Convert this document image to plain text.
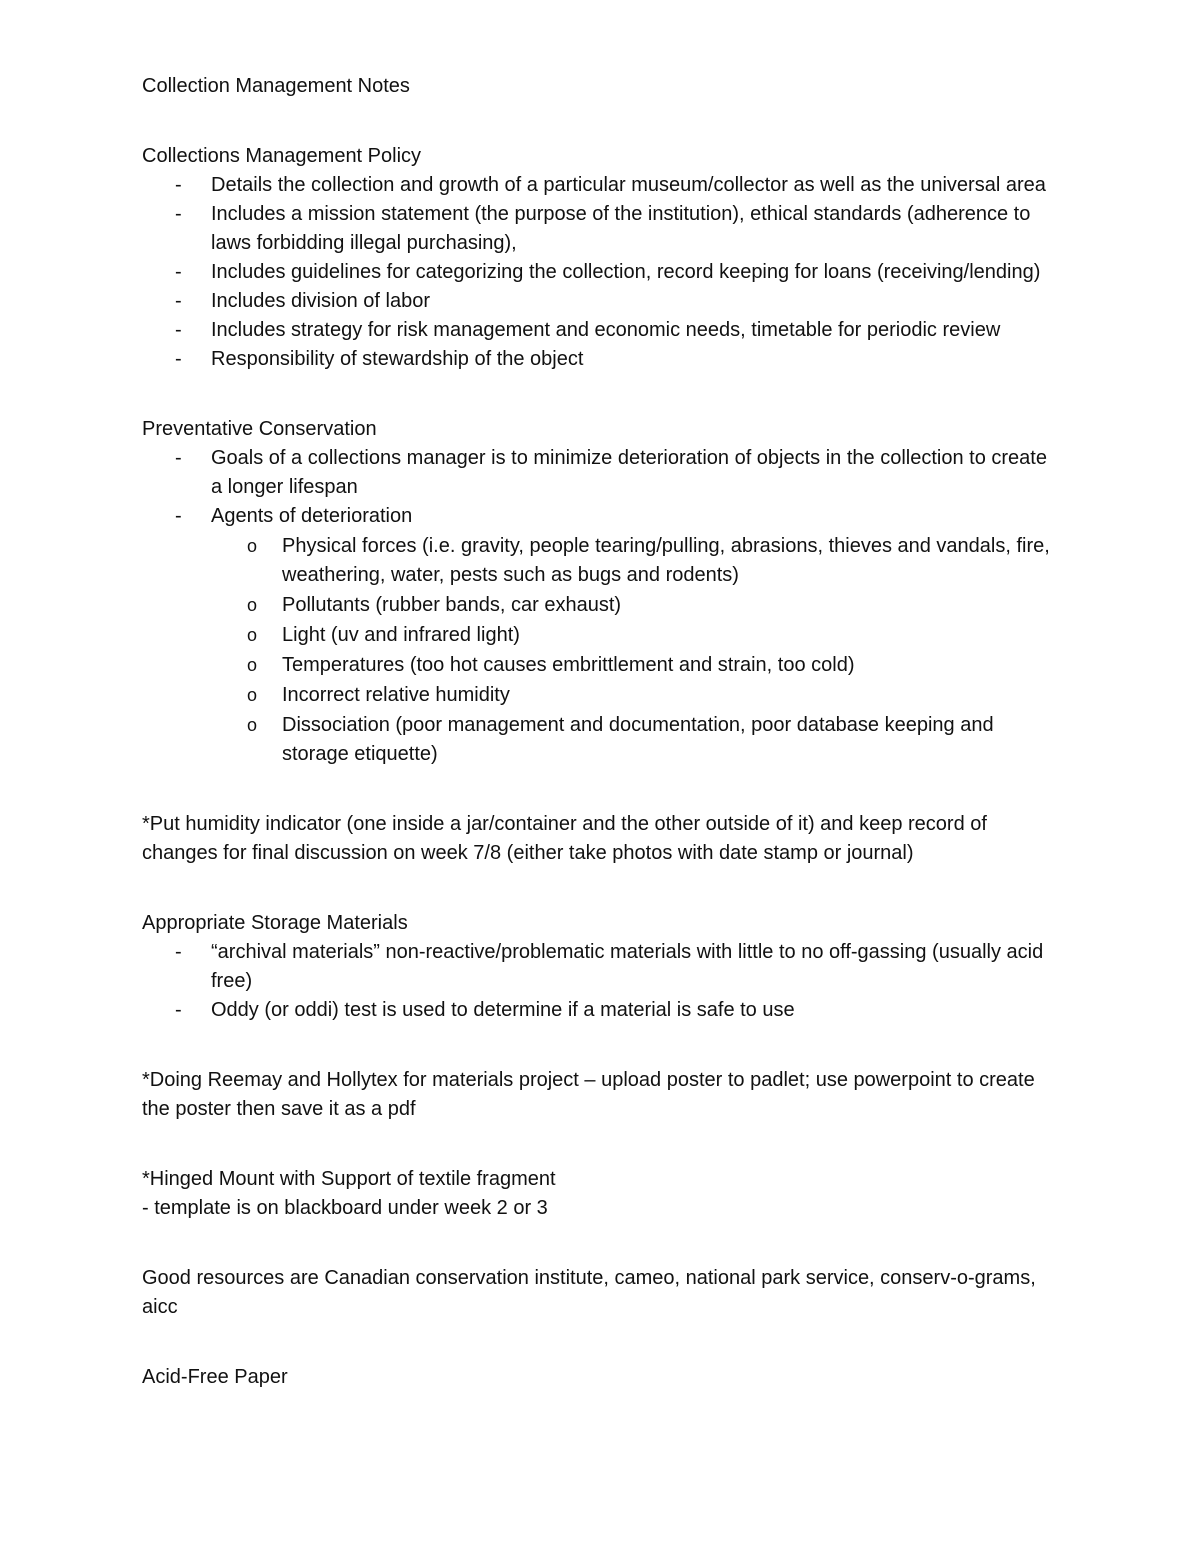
Collection Management Notes

Collections Management Policy

- Details the collection and growth of a particular museum/collector as well as the universal area
- Includes a mission statement (the purpose of the institution), ethical standards (adherence to laws forbidding illegal purchasing),
- Includes guidelines for categorizing the collection, record keeping for loans (receiving/lending)
- Includes division of labor
- Includes strategy for risk management and economic needs, timetable for periodic review
- Responsibility of stewardship of the object

Preventative Conservation

- Goals of a collections manager is to minimize deterioration of objects in the collection to create a longer lifespan
- Agents of deterioration
o Physical forces (i.e. gravity, people tearing/pulling, abrasions, thieves and vandals, fire, weathering, water, pests such as bugs and rodents)
o Pollutants (rubber bands, car exhaust)
o Light (uv and infrared light)
o Temperatures (too hot causes embrittlement and strain, too cold)
o Incorrect relative humidity
o Dissociation (poor management and documentation, poor database keeping and storage etiquette)

*Put humidity indicator (one inside a jar/container and the other outside of it) and keep record of changes for final discussion on week 7/8 (either take photos with date stamp or journal)

Appropriate Storage Materials

- “archival materials” non-reactive/problematic materials with little to no off-gassing (usually acid free)
- Oddy (or oddi) test is used to determine if a material is safe to use

*Doing Reemay and Hollytex for materials project – upload poster to padlet; use powerpoint to create the poster then save it as a pdf

*Hinged Mount with Support of textile fragment

- template is on blackboard under week 2 or 3

Good resources are Canadian conservation institute, cameo, national park service, conserv-o-grams, aicc

Acid-Free Paper
